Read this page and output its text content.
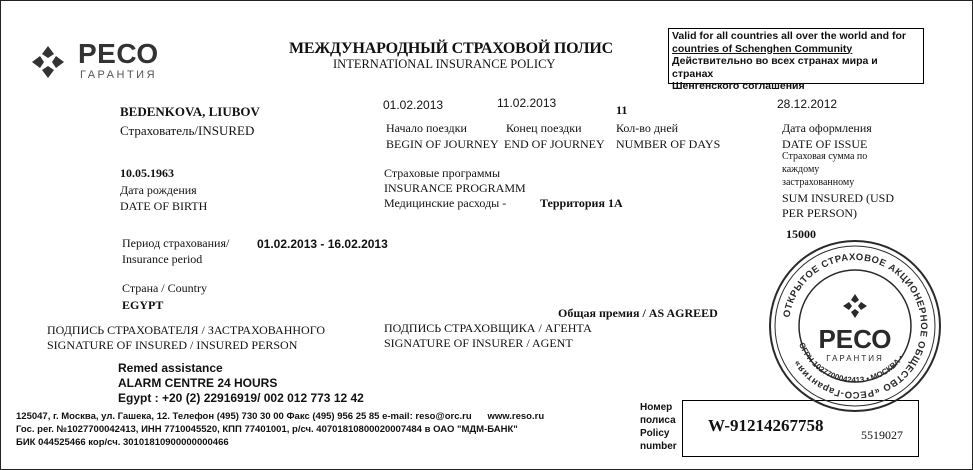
РЕСО
ГАРАНТИЯ
МЕЖДУНАРОДНЫЙ СТРАХОВОЙ ПОЛИС
INTERNATIONAL INSURANCE POLICY
Valid for all countries all over the world and for
countries of Schenghen Community
Действительно во всех странах мира и странах
Шенгенского соглашения
BEDENKOVA, LIUBOV
Страхователь/INSURED
01.02.2013
Начало поездки
BEGIN OF JOURNEY
11.02.2013
Конец поездки
END OF JOURNEY
11
Кол-во дней
NUMBER OF DAYS
28.12.2012
Дата оформления
DATE OF ISSUE
10.05.1963
Дата рождения
DATE OF BIRTH
Страховые программы
INSURANCE PROGRAMM
Медицинские расходы -	Территория 1А
Страховая сумма по
каждому
застрахованному
SUM INSURED (USD
PER PERSON)
15000
Период страхования/
Insurance period
01.02.2013 - 16.02.2013
Страна / Country
EGYPT
Общая премия / AS AGREED
ПОДПИСЬ СТРАХОВАТЕЛЯ / ЗАСТРАХОВАННОГО
SIGNATURE OF INSURED / INSURED PERSON
ПОДПИСЬ СТРАХОВЩИКА / АГЕНТА
SIGNATURE OF INSURER / AGENT
Remed assistance
ALARM CENTRE 24 HOURS
Egypt : +20 (2) 22916919/ 002 012 773 12 42
125047, г. Москва, ул. Гашека, 12. Телефон (495) 730 30 00 Факс (495) 956 25 85 e-mail: reso@orc.ru      www.reso.ru
Гос. рег. №1027700042413, ИНН 7710045520, КПП 77401001, р/сч. 40701810800020007484 в ОАО "МДМ-БАНК"
БИК 044525466 кор/сч. 30101810900000000466
Номер
полиса
Policy
number
W-91214267758	5519027
ОТКРЫТОЕ СТРАХОВОЕ АКЦИОНЕРНОЕ ОБЩЕСТВО «РЕСО-Гарантия»
ОГРН 1027700042413 • МОСКВА •
РЕСО
ГАРАНТИЯ
